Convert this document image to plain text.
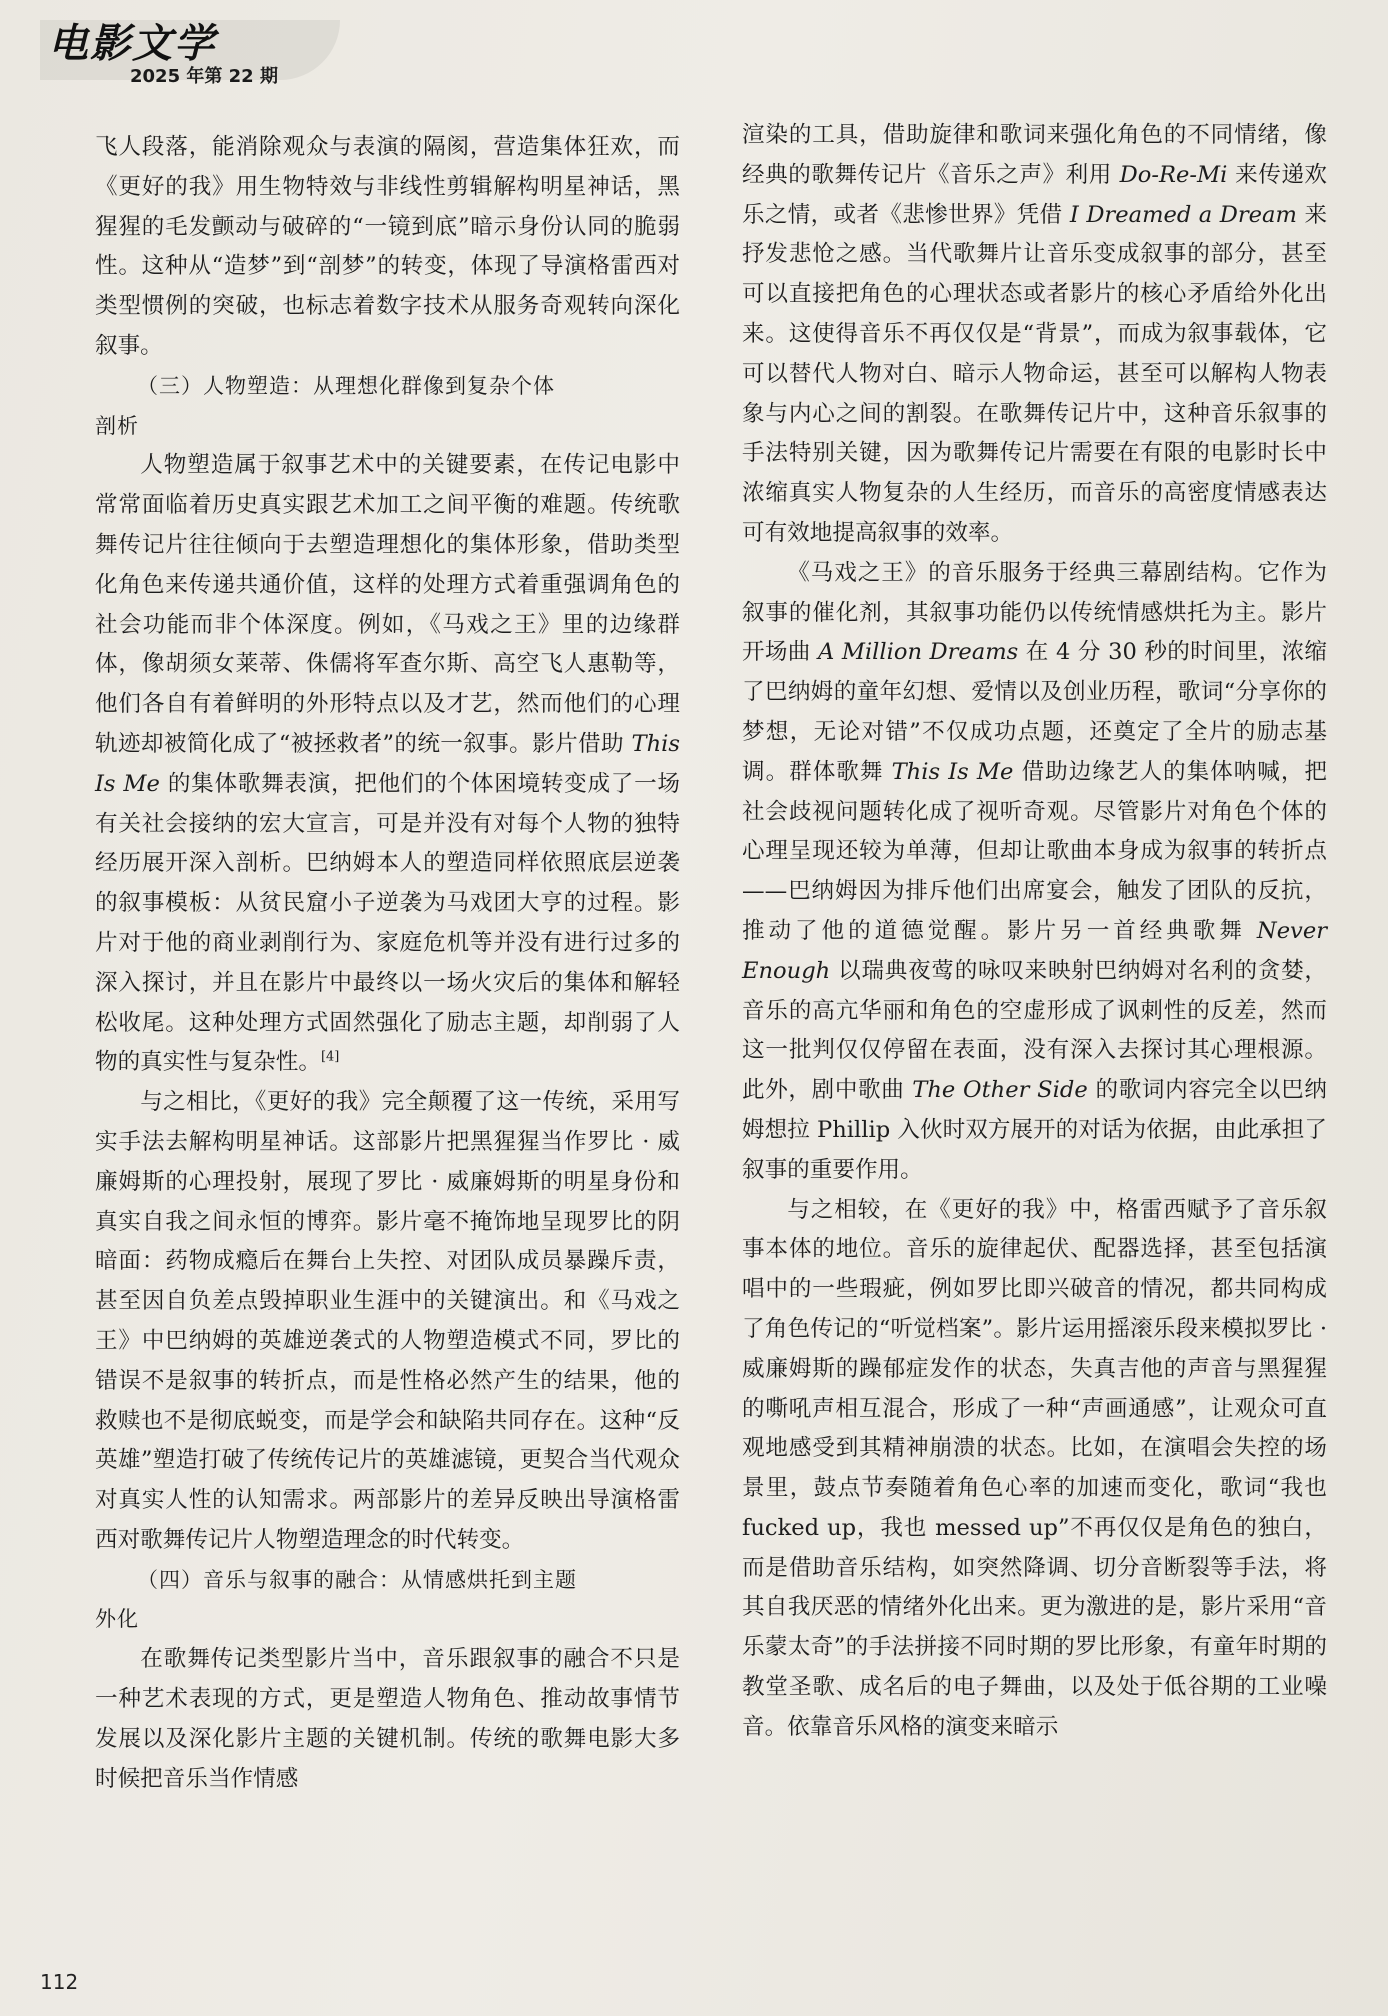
电影文学
2025 年第 22 期

飞人段落，能消除观众与表演的隔阂，营造集体狂欢，而《更好的我》用生物特效与非线性剪辑解构明星神话，黑猩猩的毛发颤动与破碎的“一镜到底”暗示身份认同的脆弱性。这种从“造梦”到“剖梦”的转变，体现了导演格雷西对类型惯例的突破，也标志着数字技术从服务奇观转向深化叙事。

（三）人物塑造：从理想化群像到复杂个体
剖析

人物塑造属于叙事艺术中的关键要素，在传记电影中常常面临着历史真实跟艺术加工之间平衡的难题。传统歌舞传记片往往倾向于去塑造理想化的集体形象，借助类型化角色来传递共通价值，这样的处理方式着重强调角色的社会功能而非个体深度。例如，《马戏之王》里的边缘群体，像胡须女莱蒂、侏儒将军查尔斯、高空飞人惠勒等，他们各自有着鲜明的外形特点以及才艺，然而他们的心理轨迹却被简化成了“被拯救者”的统一叙事。影片借助 This Is Me 的集体歌舞表演，把他们的个体困境转变成了一场有关社会接纳的宏大宣言，可是并没有对每个人物的独特经历展开深入剖析。巴纳姆本人的塑造同样依照底层逆袭的叙事模板：从贫民窟小子逆袭为马戏团大亨的过程。影片对于他的商业剥削行为、家庭危机等并没有进行过多的深入探讨，并且在影片中最终以一场火灾后的集体和解轻松收尾。这种处理方式固然强化了励志主题，却削弱了人物的真实性与复杂性。[4]

与之相比，《更好的我》完全颠覆了这一传统，采用写实手法去解构明星神话。这部影片把黑猩猩当作罗比 · 威廉姆斯的心理投射，展现了罗比 · 威廉姆斯的明星身份和真实自我之间永恒的博弈。影片毫不掩饰地呈现罗比的阴暗面：药物成瘾后在舞台上失控、对团队成员暴躁斥责，甚至因自负差点毁掉职业生涯中的关键演出。和《马戏之王》中巴纳姆的英雄逆袭式的人物塑造模式不同，罗比的错误不是叙事的转折点，而是性格必然产生的结果，他的救赎也不是彻底蜕变，而是学会和缺陷共同存在。这种“反英雄”塑造打破了传统传记片的英雄滤镜，更契合当代观众对真实人性的认知需求。两部影片的差异反映出导演格雷西对歌舞传记片人物塑造理念的时代转变。

（四）音乐与叙事的融合：从情感烘托到主题
外化

在歌舞传记类型影片当中，音乐跟叙事的融合不只是一种艺术表现的方式，更是塑造人物角色、推动故事情节发展以及深化影片主题的关键机制。传统的歌舞电影大多时候把音乐当作情感

渲染的工具，借助旋律和歌词来强化角色的不同情绪，像经典的歌舞传记片《音乐之声》利用 Do-Re-Mi 来传递欢乐之情，或者《悲惨世界》凭借 I Dreamed a Dream 来抒发悲怆之感。当代歌舞片让音乐变成叙事的部分，甚至可以直接把角色的心理状态或者影片的核心矛盾给外化出来。这使得音乐不再仅仅是“背景”，而成为叙事载体，它可以替代人物对白、暗示人物命运，甚至可以解构人物表象与内心之间的割裂。在歌舞传记片中，这种音乐叙事的手法特别关键，因为歌舞传记片需要在有限的电影时长中浓缩真实人物复杂的人生经历，而音乐的高密度情感表达可有效地提高叙事的效率。

《马戏之王》的音乐服务于经典三幕剧结构。它作为叙事的催化剂，其叙事功能仍以传统情感烘托为主。影片开场曲 A Million Dreams 在 4 分 30 秒的时间里，浓缩了巴纳姆的童年幻想、爱情以及创业历程，歌词“分享你的梦想，无论对错”不仅成功点题，还奠定了全片的励志基调。群体歌舞 This Is Me 借助边缘艺人的集体呐喊，把社会歧视问题转化成了视听奇观。尽管影片对角色个体的心理呈现还较为单薄，但却让歌曲本身成为叙事的转折点——巴纳姆因为排斥他们出席宴会，触发了团队的反抗，推动了他的道德觉醒。影片另一首经典歌舞 Never Enough 以瑞典夜莺的咏叹来映射巴纳姆对名利的贪婪，音乐的高亢华丽和角色的空虚形成了讽刺性的反差，然而这一批判仅仅停留在表面，没有深入去探讨其心理根源。此外，剧中歌曲 The Other Side 的歌词内容完全以巴纳姆想拉 Phillip 入伙时双方展开的对话为依据，由此承担了叙事的重要作用。

与之相较，在《更好的我》中，格雷西赋予了音乐叙事本体的地位。音乐的旋律起伏、配器选择，甚至包括演唱中的一些瑕疵，例如罗比即兴破音的情况，都共同构成了角色传记的“听觉档案”。影片运用摇滚乐段来模拟罗比 · 威廉姆斯的躁郁症发作的状态，失真吉他的声音与黑猩猩的嘶吼声相互混合，形成了一种“声画通感”，让观众可直观地感受到其精神崩溃的状态。比如，在演唱会失控的场景里，鼓点节奏随着角色心率的加速而变化，歌词“我也 fucked up，我也 messed up”不再仅仅是角色的独白，而是借助音乐结构，如突然降调、切分音断裂等手法，将其自我厌恶的情绪外化出来。更为激进的是，影片采用“音乐蒙太奇”的手法拼接不同时期的罗比形象，有童年时期的教堂圣歌、成名后的电子舞曲，以及处于低谷期的工业噪音。依靠音乐风格的演变来暗示

112
